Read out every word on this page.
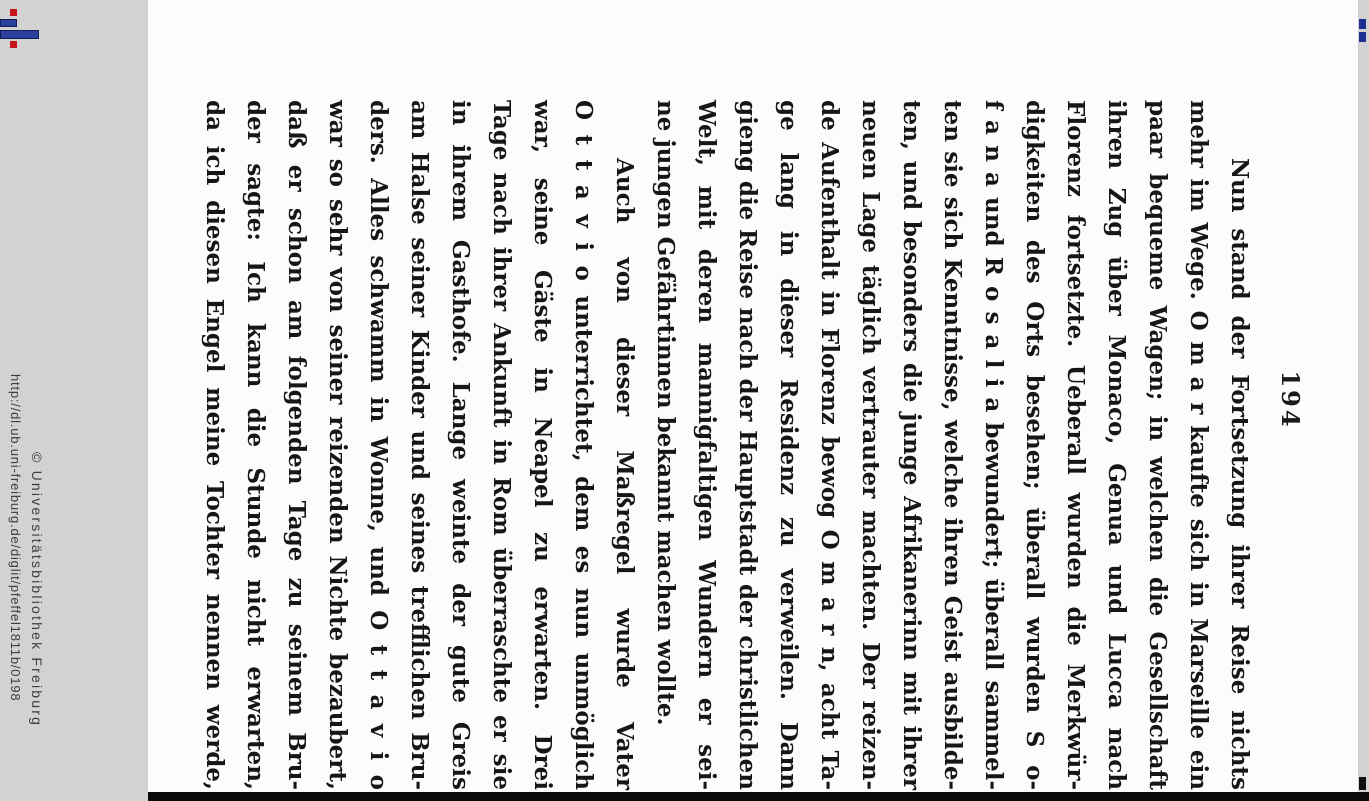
http://dl.ub.uni-freiburg.de/diglit/pfeffel1811b/0198 © Universitätsbibliothek Freiburg
194
Nun stand der Fortsetzung ihrer Reise nichts
mehr im Wege. O m a r kaufte sich in Marseille ein
paar bequeme Wagen; in welchen die Gesellschaft
ihren Zug über Monaco, Genua und Lucca nach
Florenz fortsetzte. Ueberall wurden die Merkwür-
digkeiten des Orts besehen; überall wurden S o-
f a n a und R o s a l i a bewundert; überall sammel-
ten sie sich Kenntnisse, welche ihren Geist ausbilde-
ten, und besonders die junge Afrikanerinn mit ihrer
neuen Lage täglich vertrauter machten. Der reizen-
de Aufenthalt in Florenz bewog O m a r n, acht Ta-
ge lang in dieser Residenz zu verweilen. Dann
gieng die Reise nach der Hauptstadt der christlichen
Welt, mit deren mannigfaltigen Wundern er sei-
ne jungen Gefährtinnen bekannt machen wollte.
Auch von dieser Maßregel wurde Vater
O t t a v i o unterrichtet, dem es nun unmöglich
war, seine Gäste in Neapel zu erwarten. Drei
Tage nach ihrer Ankunft in Rom überraschte er sie
in ihrem Gasthofe. Lange weinte der gute Greis
am Halse seiner Kinder und seines trefflichen Bru-
ders. Alles schwamm in Wonne, und O t t a v i o
war so sehr von seiner reizenden Nichte bezaubert,
daß er schon am folgenden Tage zu seinem Bru-
der sagte: Ich kann die Stunde nicht erwarten,
da ich diesen Engel meine Tochter nennen werde,
